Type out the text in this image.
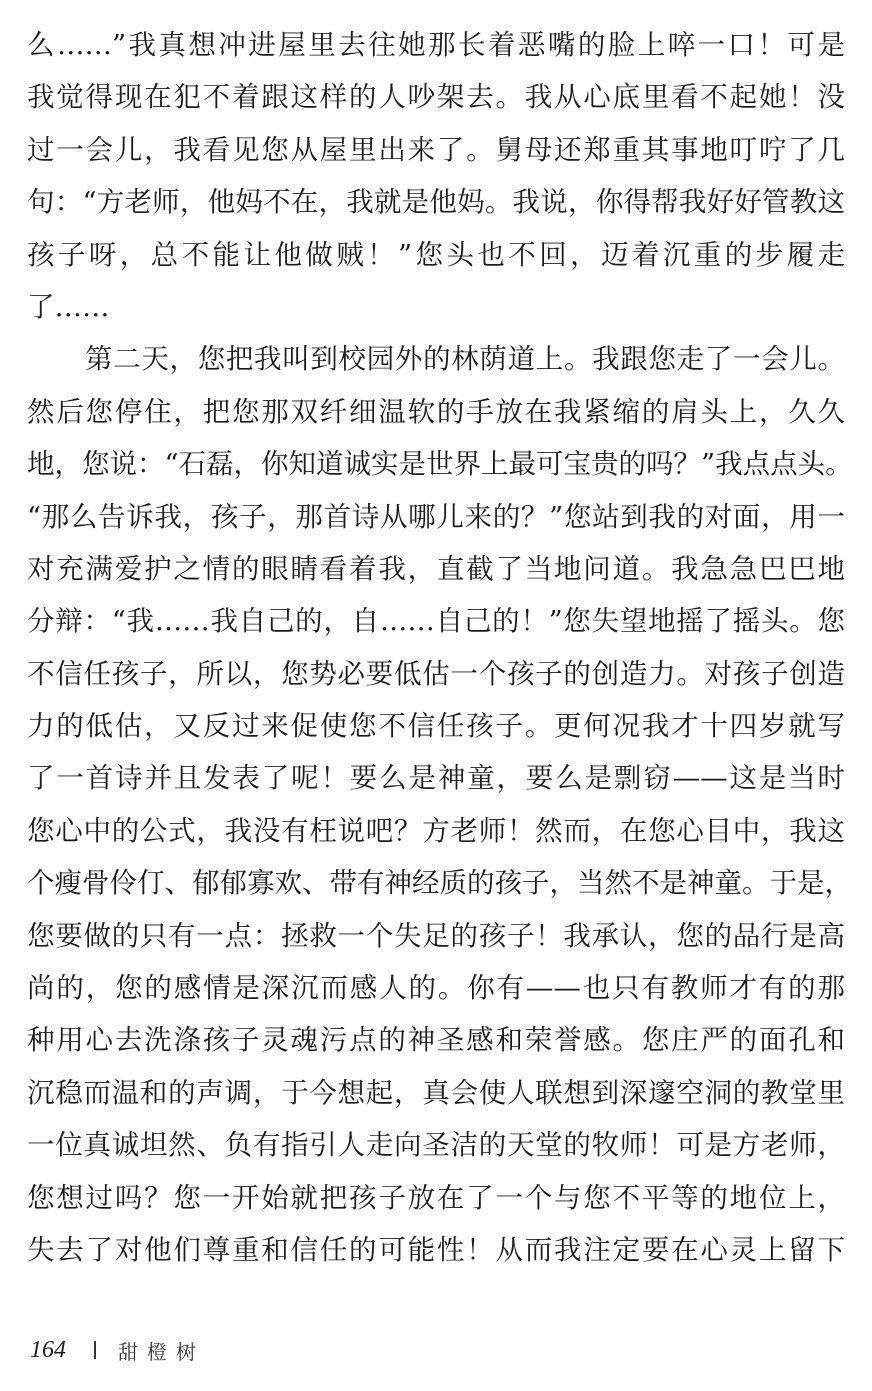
么……”我真想冲进屋里去往她那长着恶嘴的脸上啐一口！可是
我觉得现在犯不着跟这样的人吵架去。我从心底里看不起她！没
过一会儿，我看见您从屋里出来了。舅母还郑重其事地叮咛了几
句：“方老师，他妈不在，我就是他妈。我说，你得帮我好好管教这
孩子呀，总不能让他做贼！”您头也不回，迈着沉重的步履走
了……
第二天，您把我叫到校园外的林荫道上。我跟您走了一会儿。
然后您停住，把您那双纤细温软的手放在我紧缩的肩头上，久久
地，您说：“石磊，你知道诚实是世界上最可宝贵的吗？”我点点头。
“那么告诉我，孩子，那首诗从哪儿来的？”您站到我的对面，用一
对充满爱护之情的眼睛看着我，直截了当地问道。我急急巴巴地
分辩：“我……我自己的，自……自己的！”您失望地摇了摇头。您
不信任孩子，所以，您势必要低估一个孩子的创造力。对孩子创造
力的低估，又反过来促使您不信任孩子。更何况我才十四岁就写
了一首诗并且发表了呢！要么是神童，要么是剽窃——这是当时
您心中的公式，我没有枉说吧？方老师！然而，在您心目中，我这
个瘦骨伶仃、郁郁寡欢、带有神经质的孩子，当然不是神童。于是，
您要做的只有一点：拯救一个失足的孩子！我承认，您的品行是高
尚的，您的感情是深沉而感人的。你有——也只有教师才有的那
种用心去洗涤孩子灵魂污点的神圣感和荣誉感。您庄严的面孔和
沉稳而温和的声调，于今想起，真会使人联想到深邃空洞的教堂里
一位真诚坦然、负有指引人走向圣洁的天堂的牧师！可是方老师，
您想过吗？您一开始就把孩子放在了一个与您不平等的地位上，
失去了对他们尊重和信任的可能性！从而我注定要在心灵上留下
164	甜橙树
